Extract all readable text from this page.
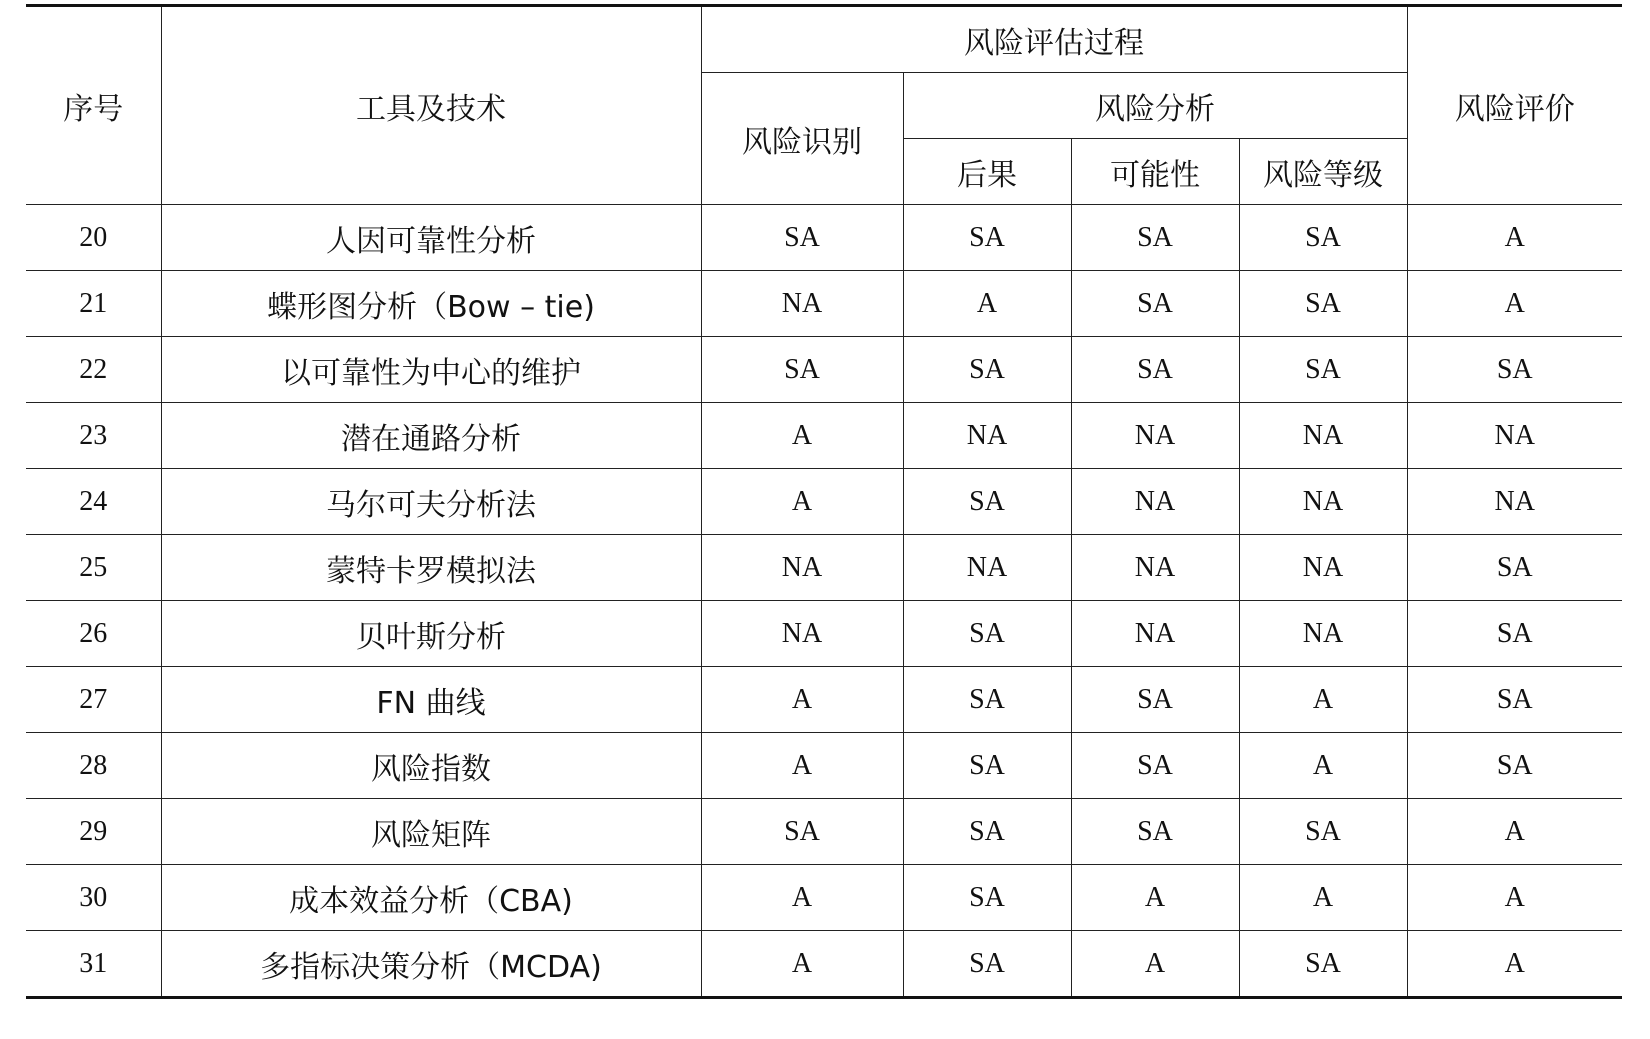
序号	工具及技术	风险评估过程				风险评价
		风险识别	风险分析			
			后果	可能性	风险等级	
20	人因可靠性分析	SA	SA	SA	SA	A
21	蝶形图分析（Bow – tie)	NA	A	SA	SA	A
22	以可靠性为中心的维护	SA	SA	SA	SA	SA
23	潜在通路分析	A	NA	NA	NA	NA
24	马尔可夫分析法	A	SA	NA	NA	NA
25	蒙特卡罗模拟法	NA	NA	NA	NA	SA
26	贝叶斯分析	NA	SA	NA	NA	SA
27	FN 曲线	A	SA	SA	A	SA
28	风险指数	A	SA	SA	A	SA
29	风险矩阵	SA	SA	SA	SA	A
30	成本效益分析（CBA)	A	SA	A	A	A
31	多指标决策分析（MCDA)	A	SA	A	SA	A
